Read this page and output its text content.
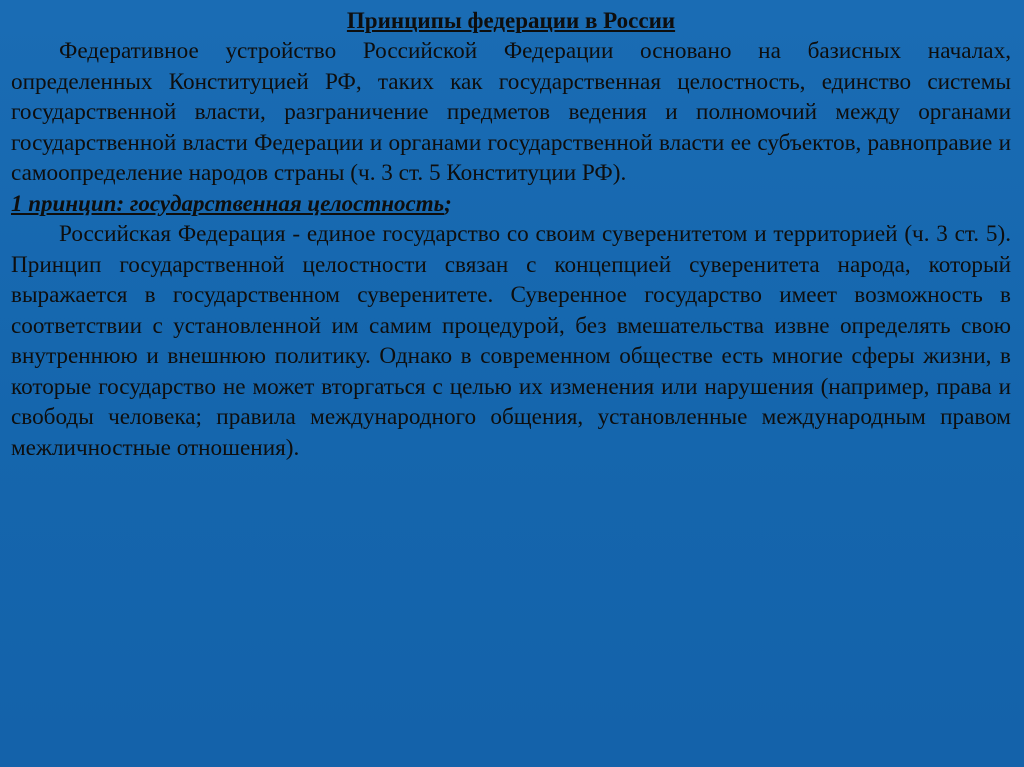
Принципы федерации в России

Федеративное устройство Российской Федерации основано на базисных началах, определенных Конституцией РФ, таких как государственная целостность, единство системы государственной власти, разграничение предметов ведения и полномочий между органами государственной власти Федерации и органами государственной власти ее субъектов, равноправие и самоопределение народов страны (ч. 3 ст. 5 Конституции РФ).

1 принцип: государственная целостность;

Российская Федерация - единое государство со своим суверенитетом и территорией (ч. 3 ст. 5). Принцип государственной целостности связан с концепцией суверенитета народа, который выражается в государственном суверенитете. Суверенное государство имеет возможность в соответствии с установленной им самим процедурой, без вмешательства извне определять свою внутреннюю и внешнюю политику. Однако в современном обществе есть многие сферы жизни, в которые государство не может вторгаться с целью их изменения или нарушения (например, права и свободы человека; правила международного общения, установленные международным правом межличностные отношения).
